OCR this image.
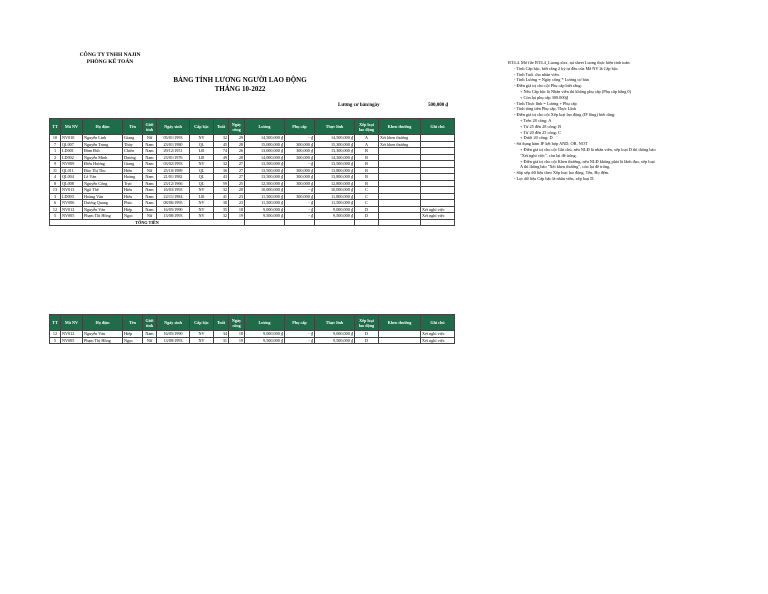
CÔNG TY TNHH NAJIN
PHÒNG KẾ TOÁN
BẢNG TÍNH LƯƠNG NGƯỜI LAO ĐỘNG
THÁNG 10-2022
Lương cơ bản/ngày	500,000 ₫
TT	Mã NV	Họ đệm	Tên	Giới tính	Ngày sinh	Cấp bậc	Tuổi	Ngày công	Lương	Phụ cấp	Thực lĩnh	Xếp loại lao động	Khen thưởng	Ghi chú
10	NV010	Nguyễn Linh	Giang	Nữ	05/01/1993	NV	32	29	14,500,000 ₫	- ₫	14,500,000 ₫	A	Xét khen thưởng	
7	QL007	Nguyễn Trung	Thủy	Nam	23/01/1980	QL	45	28	15,000,000 ₫	300,000 ₫	15,300,000 ₫	A	Xét khen thưởng	
1	LD001	Đàm Đức	Chiến	Nam	29/12/1951	LĐ	74	26	13,000,000 ₫	300,000 ₫	13,300,000 ₫	B		
2	LD002	Nguyễn Minh	Dương	Nam	23/01/1976	LĐ	49	28	14,000,000 ₫	300,000 ₫	14,300,000 ₫	B		
9	NV009	Điêu Hương	Giang	Nam	03/02/1993	NV	32	27	13,500,000 ₫	- ₫	13,500,000 ₫	B		
11	QL011	Đào Thị Thu	Hiền	Nữ	25/10/1989	QL	36	27	13,500,000 ₫	300,000 ₫	13,800,000 ₫	B		
4	QL004	Lê Văn	Hoàng	Nam	21/01/1982	QL	43	27	13,500,000 ₫	300,000 ₫	13,800,000 ₫	B		
8	QL008	Nguyễn Công	Trực	Nam	23/12/1966	QL	59	25	12,500,000 ₫	300,000 ₫	12,800,000 ₫	B		
13	NV013	Ngô Thế	Hiếu	Nam	16/03/1993	NV	32	20	10,000,000 ₫	- ₫	10,000,000 ₫	C		
3	LD003	Hoàng Văn	Hiếu	Nam	22/11/1984	LĐ	41	23	11,500,000 ₫	300,000 ₫	11,800,000 ₫	C		
6	NV006	Dương Quang	Phúc	Nam	08/06/1995	NV	30	23	11,500,000 ₫	- ₫	11,500,000 ₫	C		
12	NV012	Nguyễn Văn	Hiệp	Nam	16/05/1990	NV	35	18	9,000,000 ₫	- ₫	9,000,000 ₫	D		Xét nghỉ việc
5	NV005	Phạm Thị Hồng	Ngọc	Nữ	13/08/1993	NV	32	19	9,500,000 ₫	- ₫	9,500,000 ₫	D		Xét nghỉ việc
TỔNG TIỀN														
TT	Mã NV	Họ đệm	Tên	Giới tính	Ngày sinh	Cấp bậc	Tuổi	Ngày công	Lương	Phụ cấp	Thực lĩnh	Xếp loại lao động	Khen thưởng	Ghi chú
12	NV012	Nguyễn Văn	Hiệp	Nam	16/05/1990	NV	34	18	9,000,000 ₫	- ₫	9,000,000 ₫	D		Xét nghỉ việc
5	NV005	Phạm Thị Hồng	Ngọc	Nữ	13/08/1993	NV	31	19	9,500,000 ₫	- ₫	9,500,000 ₫	D		Xét nghỉ việc
BT4.4. Mở file BT4.4_Luong.xlsx, tại sheet Luong thực hiện tính toán:
- Tính Cấp bậc, biết rằng 2 ký tự đầu của Mã NV là Cấp bậc.
- Tính Tuổi cho nhân viên.
- Tính Lương = Ngày công * Lương cơ bản
- Điền giá trị cho cột Phụ cấp biết rằng:
+ Nếu Cấp bậc là Nhân viên thì không phụ cấp (Phụ cấp bằng 0)
+ Còn lại phụ cấp 300.000₫
- Tính Thực lĩnh = Lương + Phụ cấp
- Tính tổng tiền Phụ cấp, Thực Lĩnh
- Điền giá trị cho cột Xếp loại lao động (IF lồng) biết rằng:
+ Trên 28 công: A
+ Từ 25 đến 28 công: B
+ Từ 20 đến 25 công: C
+ Dưới 20 công: D
- Sử dụng hàm IF kết hợp AND, OR, NOT
+ Điền giá trị cho cột Ghi chú, nếu NLĐ là nhân viên, xếp loại D thì thông báo
"Xét nghỉ việc", còn lại để trống.
+ Điền giá trị cho cột Khen thưởng, nếu NLĐ không phải là lãnh đạo, xếp loại
A thì thông báo "Xét khen thưởng", còn lại để trống.
- Sắp xếp dữ liệu theo Xếp loại lao động, Tên, Họ đệm.
- Lọc dữ liệu Cấp bậc là nhân viên, xếp loại D.
